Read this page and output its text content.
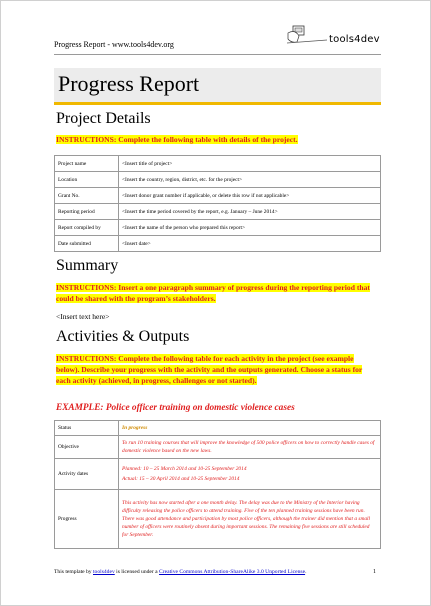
Progress Report - www.tools4dev.org	tools4dev
Progress Report
Project Details
INSTRUCTIONS: Complete the following table with details of the project.
Project name	<Insert title of project>
Location	<Insert the country, region, district, etc. for the project>
Grant No.	<Insert donor grant number if applicable, or delete this row if not applicable>
Reporting period	<Insert the time period covered by the report, e.g. January – June 2014>
Report compiled by	<Insert the name of the person who prepared this report>
Date submitted	<Insert date>
Summary
INSTRUCTIONS: Insert a one paragraph summary of progress during the reporting period that could be shared with the program’s stakeholders.
<Insert text here>
Activities & Outputs
INSTRUCTIONS: Complete the following table for each activity in the project (see example below). Describe your progress with the activity and the outputs generated. Choose a status for each activity (achieved, in progress, challenges or not started).
EXAMPLE: Police officer training on domestic violence cases
Status	In progress
Objective	To run 10 training courses that will improve the knowledge of 500 police officers on how to correctly handle cases of domestic violence based on the new laws.
Activity dates	Planned: 10 – 25 March 2014 and 10-25 September 2014
Actual: 15 – 30 April 2014 and 10-25 September 2014

Progress	This activity has now started after a one month delay. The delay was due to the Ministry of the Interior having difficulty releasing the police officers to attend training. Five of the ten planned training sessions have been run. There was good attendance and participation by most police officers, although the trainer did mention that a small number of officers were routinely absent during important sessions. The remaining five sessions are still scheduled for September.
This template by tools4dev is licensed under a Creative Commons Attribution-ShareAlike 3.0 Unported License.	1
